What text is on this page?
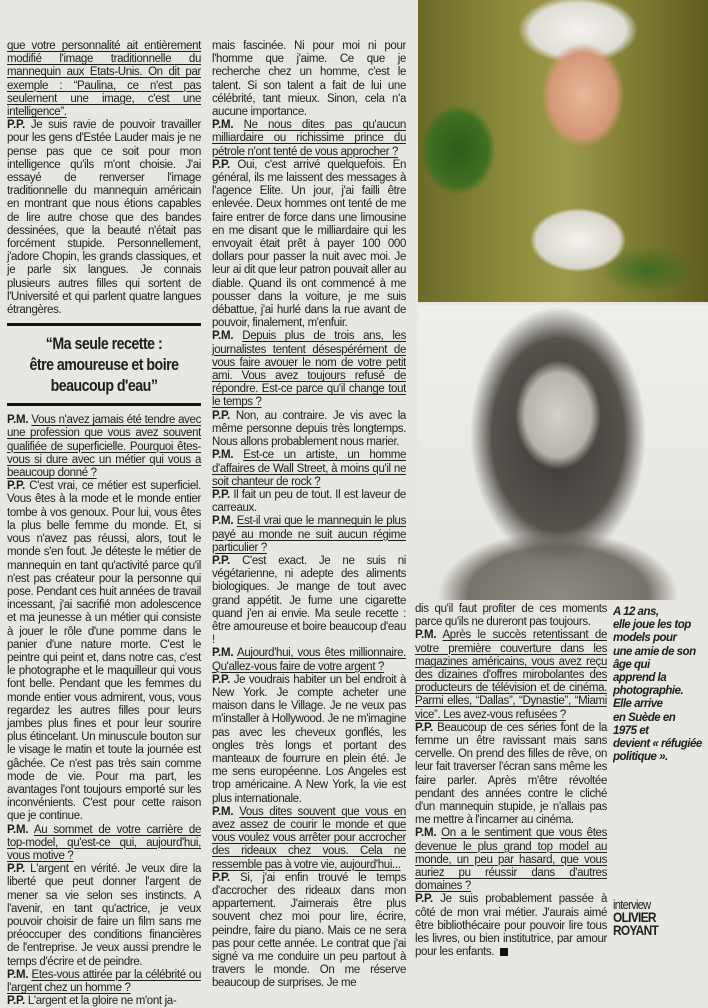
que votre personnalité ait entièrement modifié l'image traditionnelle du mannequin aux Etats-Unis. On dit par exemple : “Paulina, ce n'est pas seulement une image, c'est une intelligence”.

P.P. Je suis ravie de pouvoir travailler pour les gens d'Estée Lauder mais je ne pense pas que ce soit pour mon intelligence qu'ils m'ont choisie. J'ai essayé de renverser l'image traditionnelle du mannequin américain en montrant que nous étions capables de lire autre chose que des bandes dessinées, que la beauté n'était pas forcément stupide. Personnellement, j'adore Chopin, les grands classiques, et je parle six langues. Je connais plusieurs autres filles qui sortent de l'Université et qui parlent quatre langues étrangères.

“Ma seule recette :
être amoureuse et boire
beaucoup d'eau”

P.M. Vous n'avez jamais été tendre avec une profession que vous avez souvent qualifiée de superficielle. Pourquoi êtes-vous si dure avec un métier qui vous a beaucoup donné ?

P.P. C'est vrai, ce métier est superficiel. Vous êtes à la mode et le monde entier tombe à vos genoux. Pour lui, vous êtes la plus belle femme du monde. Et, si vous n'avez pas réussi, alors, tout le monde s'en fout. Je déteste le métier de mannequin en tant qu'activité parce qu'il n'est pas créateur pour la personne qui pose. Pendant ces huit années de travail incessant, j'ai sacrifié mon adolescence et ma jeunesse à un métier qui consiste à jouer le rôle d'une pomme dans le panier d'une nature morte. C'est le peintre qui peint et, dans notre cas, c'est le photographe et le maquilleur qui vous font belle. Pendant que les femmes du monde entier vous admirent, vous, vous regardez les autres filles pour leurs jambes plus fines et pour leur sourire plus étincelant. Un minuscule bouton sur le visage le matin et toute la journée est gâchée. Ce n'est pas très sain comme mode de vie. Pour ma part, les avantages l'ont toujours emporté sur les inconvénients. C'est pour cette raison que je continue.

P.M. Au sommet de votre carrière de top-model, qu'est-ce qui, aujourd'hui, vous motive ?

P.P. L'argent en vérité. Je veux dire la liberté que peut donner l'argent de mener sa vie selon ses instincts. A l'avenir, en tant qu'actrice, je veux pouvoir choisir de faire un film sans me préoccuper des conditions financières de l'entreprise. Je veux aussi prendre le temps d'écrire et de peindre.

P.M. Etes-vous attirée par la célébrité ou l'argent chez un homme ?

P.P. L'argent et la gloire ne m'ont ja-

mais fascinée. Ni pour moi ni pour l'homme que j'aime. Ce que je recherche chez un homme, c'est le talent. Si son talent a fait de lui une célébrité, tant mieux. Sinon, cela n'a aucune importance.

P.M. Ne nous dites pas qu'aucun milliardaire ou richissime prince du pétrole n'ont tenté de vous approcher ?

P.P. Oui, c'est arrivé quelquefois. En général, ils me laissent des messages à l'agence Elite. Un jour, j'ai failli être enlevée. Deux hommes ont tenté de me faire entrer de force dans une limousine en me disant que le milliardaire qui les envoyait était prêt à payer 100 000 dollars pour passer la nuit avec moi. Je leur ai dit que leur patron pouvait aller au diable. Quand ils ont commencé à me pousser dans la voiture, je me suis débattue, j'ai hurlé dans la rue avant de pouvoir, finalement, m'enfuir.

P.M. Depuis plus de trois ans, les journalistes tentent désespérément de vous faire avouer le nom de votre petit ami. Vous avez toujours refusé de répondre. Est-ce parce qu'il change tout le temps ?

P.P. Non, au contraire. Je vis avec la même personne depuis très longtemps. Nous allons probablement nous marier.

P.M. Est-ce un artiste, un homme d'affaires de Wall Street, à moins qu'il ne soit chanteur de rock ?

P.P. Il fait un peu de tout. Il est laveur de carreaux.

P.M. Est-il vrai que le mannequin le plus payé au monde ne suit aucun régime particulier ?

P.P. C'est exact. Je ne suis ni végétarienne, ni adepte des aliments biologiques. Je mange de tout avec grand appétit. Je fume une cigarette quand j'en ai envie. Ma seule recette : être amoureuse et boire beaucoup d'eau !

P.M. Aujourd'hui, vous êtes millionnaire. Qu'allez-vous faire de votre argent ?

P.P. Je voudrais habiter un bel endroit à New York. Je compte acheter une maison dans le Village. Je ne veux pas m'installer à Hollywood. Je ne m'imagine pas avec les cheveux gonflés, les ongles très longs et portant des manteaux de fourrure en plein été. Je me sens européenne. Los Angeles est trop américaine. A New York, la vie est plus internationale.

P.M. Vous dites souvent que vous en avez assez de courir le monde et que vous voulez vous arrêter pour accrocher des rideaux chez vous. Cela ne ressemble pas à votre vie, aujourd'hui...

P.P. Si, j'ai enfin trouvé le temps d'accrocher des rideaux dans mon appartement. J'aimerais être plus souvent chez moi pour lire, écrire, peindre, faire du piano. Mais ce ne sera pas pour cette année. Le contrat que j'ai signé va me conduire un peu partout à travers le monde. On me réserve beaucoup de surprises. Je me

dis qu'il faut profiter de ces moments parce qu'ils ne dureront pas toujours.

P.M. Après le succès retentissant de votre première couverture dans les magazines américains, vous avez reçu des dizaines d'offres mirobolantes des producteurs de télévision et de cinéma. Parmi elles, “Dallas”, “Dynastie”, “Miami vice”. Les avez-vous refusées ?

P.P. Beaucoup de ces séries font de la femme un être ravissant mais sans cervelle. On prend des filles de rêve, on leur fait traverser l'écran sans même les faire parler. Après m'être révoltée pendant des années contre le cliché d'un mannequin stupide, je n'allais pas me mettre à l'incarner au cinéma.

P.M. On a le sentiment que vous êtes devenue le plus grand top model au monde, un peu par hasard, que vous auriez pu réussir dans d'autres domaines ?

P.P. Je suis probablement passée à côté de mon vrai métier. J'aurais aimé être bibliothécaire pour pouvoir lire tous les livres, ou bien institutrice, par amour pour les enfants.

A 12 ans,
elle joue les top
models pour
une amie de son
âge qui
apprend la
photographie.
Elle arrive
en Suède en
1975 et
devient « réfugiée
politique ».
interview
OLIVIER
ROYANT
